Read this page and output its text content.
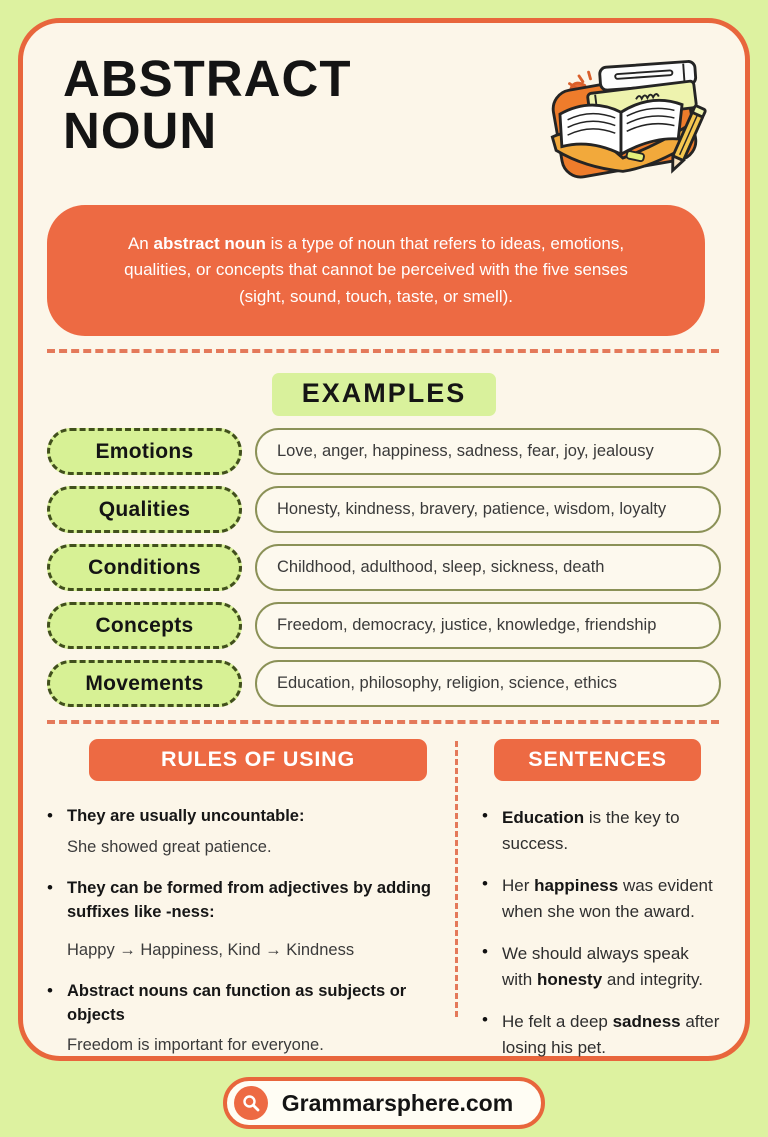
ABSTRACT
NOUN
An abstract noun is a type of noun that refers to ideas, emotions, qualities, or concepts that cannot be perceived with the five senses (sight, sound, touch, taste, or smell).
EXAMPLES
Emotions	Love, anger, happiness, sadness, fear, joy, jealousy
Qualities	Honesty, kindness, bravery, patience, wisdom, loyalty
Conditions	Childhood, adulthood, sleep, sickness, death
Concepts	Freedom, democracy, justice, knowledge, friendship
Movements	Education, philosophy, religion, science, ethics
RULES OF USING
• They are usually uncountable:
She showed great patience.
• They can be formed from adjectives by adding suffixes like -ness:
Happy → Happiness, Kind → Kindness
• Abstract nouns can function as subjects or objects
Freedom is important for everyone.
SENTENCES
• Education is the key to success.
• Her happiness was evident when she won the award.
• We should always speak with honesty and integrity.
• He felt a deep sadness after losing his pet.
Grammarsphere.com
